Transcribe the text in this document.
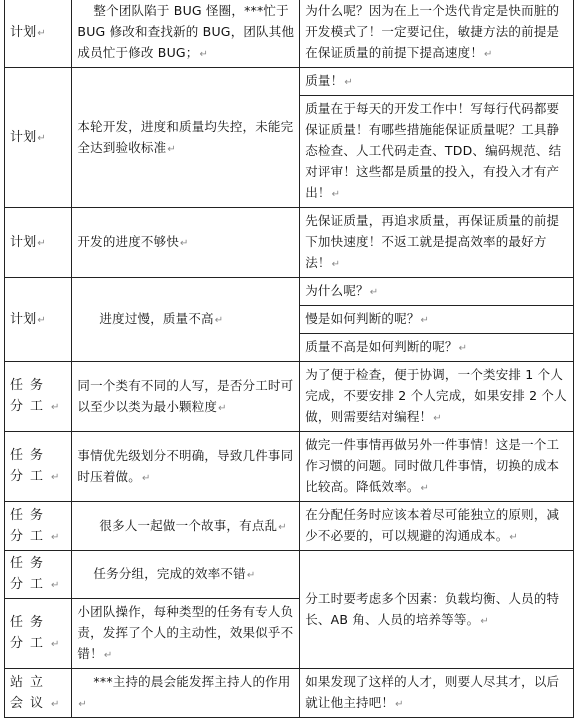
计划↵	整个团队陷于 BUG 怪圈，***忙于 BUG 修改和查找新的 BUG，团队其他成员忙于修改 BUG；↵	为什么呢？因为在上一个迭代肯定是快而脏的开发模式了！一定要记住，敏捷方法的前提是在保证质量的前提下提高速度！↵
计划↵	本轮开发，进度和质量均失控，未能完全达到验收标准↵	质量！↵
		质量在于每天的开发工作中！写每行代码都要保证质量！有哪些措施能保证质量呢？工具静态检查、人工代码走查、TDD、编码规范、结对评审！这些都是质量的投入，有投入才有产出！↵
计划↵	开发的进度不够快↵	先保证质量，再追求质量，再保证质量的前提下加快速度！不返工就是提高效率的最好方法！↵
计划↵	进度过慢，质量不高↵	为什么呢？↵
		慢是如何判断的呢？↵
		质量不高是如何判断的呢？↵
任务分工↵	同一个类有不同的人写，是否分工时可以至少以类为最小颗粒度↵	为了便于检查，便于协调，一个类安排 1 个人完成，不要安排 2 个人完成，如果安排 2 个人做，则需要结对编程！↵
任务分工↵	事情优先级划分不明确，导致几件事同时压着做。↵	做完一件事情再做另外一件事情！这是一个工作习惯的问题。同时做几件事情，切换的成本比较高。降低效率。↵
任务分工↵	很多人一起做一个故事，有点乱↵	在分配任务时应该本着尽可能独立的原则，减少不必要的，可以规避的沟通成本。↵
任务分工↵	任务分组，完成的效率不错↵	分工时要考虑多个因素：负载均衡、人员的特长、AB 角、人员的培养等等。↵
任务分工↵	小团队操作，每种类型的任务有专人负责，发挥了个人的主动性，效果似乎不错！↵	
站立会议↵	***主持的晨会能发挥主持人的作用↵	如果发现了这样的人才，则要人尽其才，以后就让他主持吧！↵
